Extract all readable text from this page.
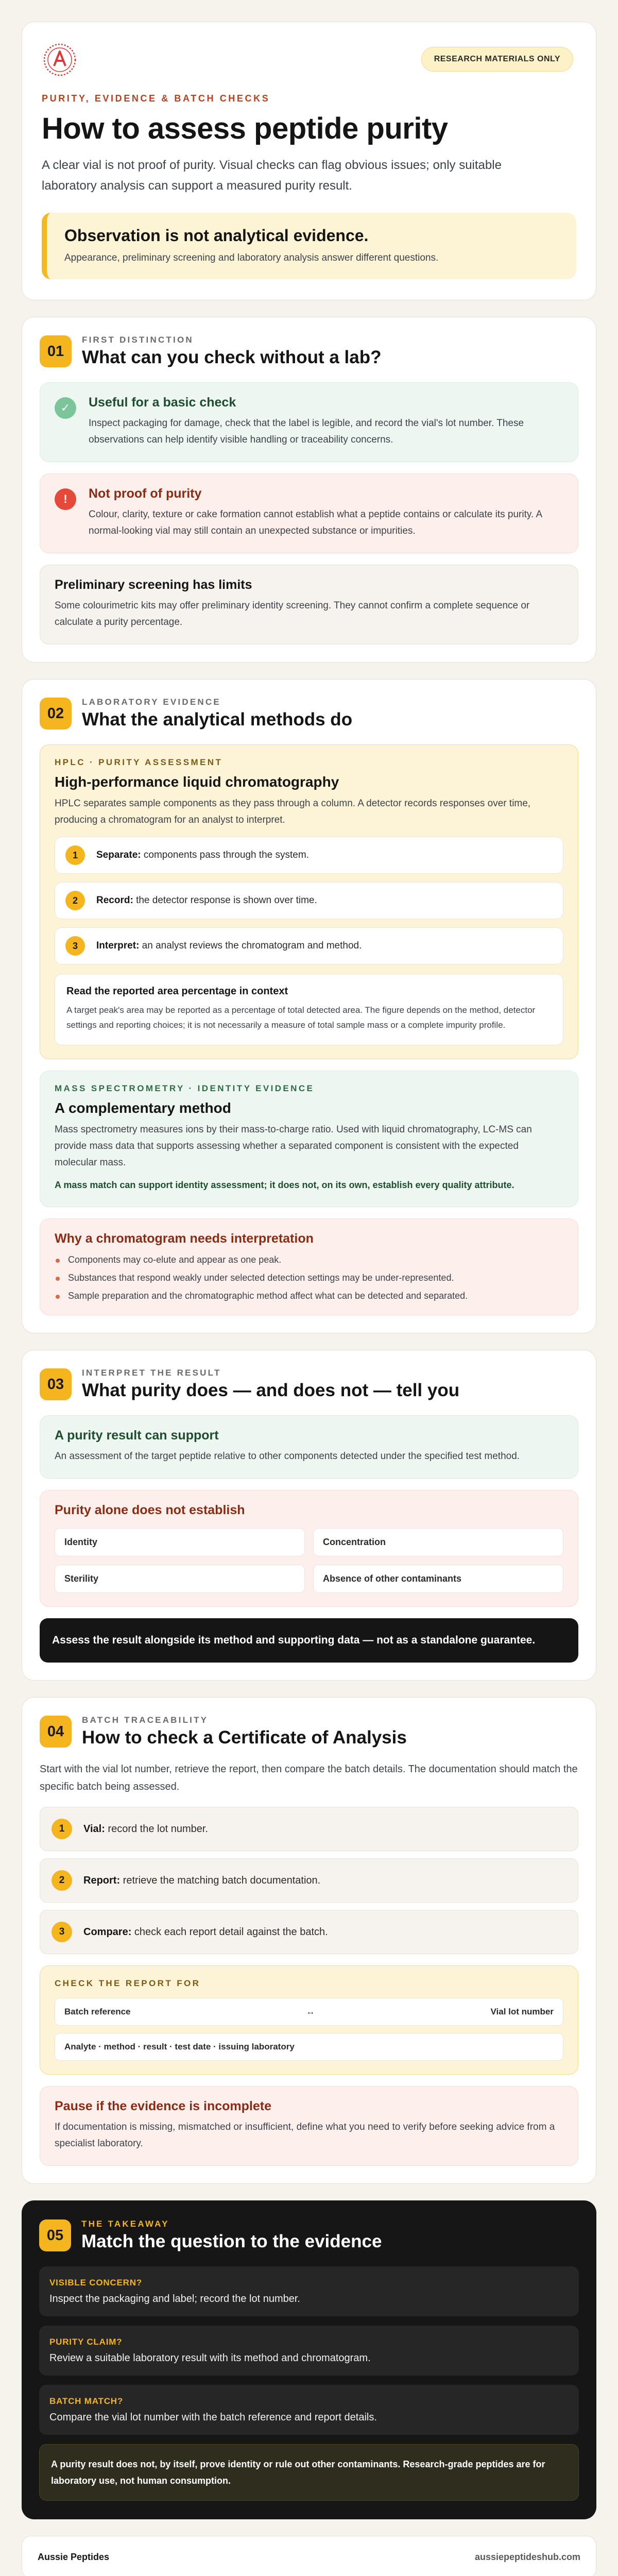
RESEARCH MATERIALS ONLY
PURITY, EVIDENCE & BATCH CHECKS
How to assess peptide purity

A clear vial is not proof of purity. Visual checks can flag obvious issues; only suitable laboratory analysis can support a measured purity result.

Observation is not analytical evidence.

Appearance, preliminary screening and laboratory analysis answer different questions.

01
FIRST DISTINCTION
What can you check without a lab?
✓	Useful for a basic check
Inspect packaging for damage, check that the label is legible, and record the vial's lot number. These observations can help identify visible handling or traceability concerns.
!	Not proof of purity
Colour, clarity, texture or cake formation cannot establish what a peptide contains or calculate its purity. A normal-looking vial may still contain an unexpected substance or impurities.
Preliminary screening has limits
Some colourimetric kits may offer preliminary identity screening. They cannot confirm a complete sequence or calculate a purity percentage.
02
LABORATORY EVIDENCE
What the analytical methods do
HPLC · PURITY ASSESSMENT
High-performance liquid chromatography
HPLC separates sample components as they pass through a column. A detector records responses over time, producing a chromatogram for an analyst to interpret.
1	Separate: components pass through the system.
2	Record: the detector response is shown over time.
3	Interpret: an analyst reviews the chromatogram and method.
Read the reported area percentage in context

A target peak's area may be reported as a percentage of total detected area. The figure depends on the method, detector settings and reporting choices; it is not necessarily a measure of total sample mass or a complete impurity profile.

MASS SPECTROMETRY · IDENTITY EVIDENCE
A complementary method
Mass spectrometry measures ions by their mass-to-charge ratio. Used with liquid chromatography, LC-MS can provide mass data that supports assessing whether a separated component is consistent with the expected molecular mass.
A mass match can support identity assessment; it does not, on its own, establish every quality attribute.
Why a chromatogram needs interpretation
Components may co-elute and appear as one peak.
Substances that respond weakly under selected detection settings may be under-represented.
Sample preparation and the chromatographic method affect what can be detected and separated.
03
INTERPRET THE RESULT
What purity does — and does not — tell you
A purity result can support
An assessment of the target peptide relative to other components detected under the specified test method.
Purity alone does not establish
Identity	Concentration
Sterility	Absence of other contaminants
Assess the result alongside its method and supporting data — not as a standalone guarantee.
04
BATCH TRACEABILITY
How to check a Certificate of Analysis

Start with the vial lot number, retrieve the report, then compare the batch details. The documentation should match the specific batch being assessed.

1	Vial: record the lot number.
2	Report: retrieve the matching batch documentation.
3	Compare: check each report detail against the batch.
CHECK THE REPORT FOR
Batch reference	↔	Vial lot number
Analyte · method · result · test date · issuing laboratory
Pause if the evidence is incomplete
If documentation is missing, mismatched or insufficient, define what you need to verify before seeking advice from a specialist laboratory.
05
THE TAKEAWAY
Match the question to the evidence
VISIBLE CONCERN?
Inspect the packaging and label; record the lot number.
PURITY CLAIM?
Review a suitable laboratory result with its method and chromatogram.
BATCH MATCH?
Compare the vial lot number with the batch reference and report details.
A purity result does not, by itself, prove identity or rule out other contaminants. Research-grade peptides are for laboratory use, not human consumption.
Aussie Peptides	aussiepeptideshub.com
